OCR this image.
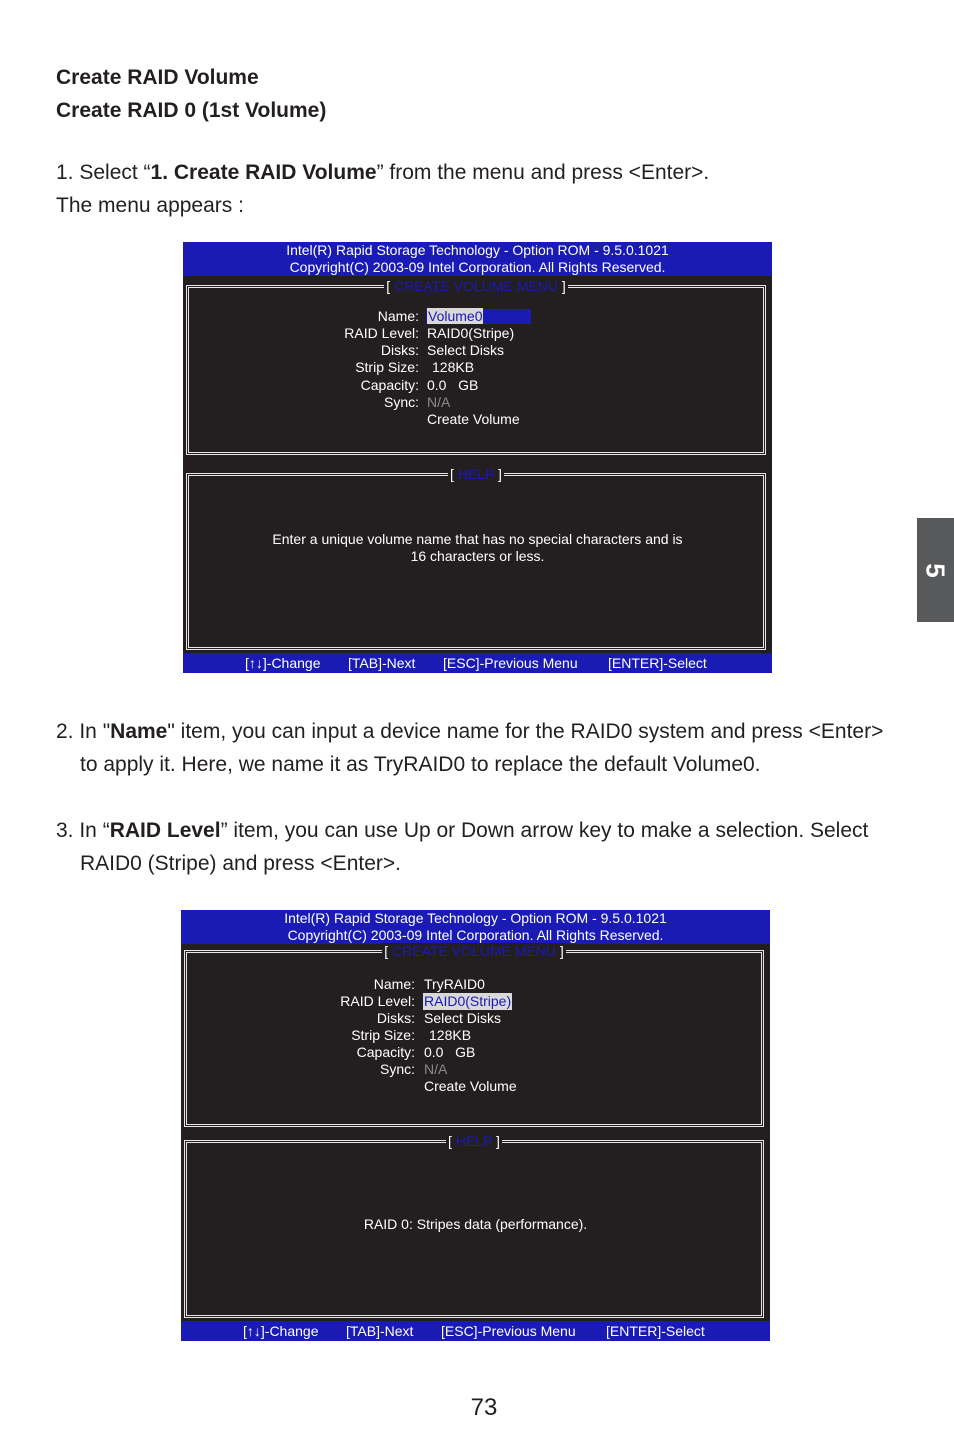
Create RAID Volume
Create RAID 0 (1st Volume)
1. Select “1. Create RAID Volume” from the menu and press <Enter>.
The menu appears :
Intel(R) Rapid Storage Technology - Option ROM - 9.5.0.1021
Copyright(C) 2003-09 Intel Corporation. All Rights Reserved.
[ CREATE VOLUME MENU ]
Name:
RAID Level:
Disks:
Strip Size:
Capacity:
Sync:
Volume0
RAID0(Stripe)
Select Disks
128KB
0.0   GB
N/A
Create Volume
[ HELP ]
Enter a unique volume name that has no special characters and is
16 characters or less.
[↑↓]-Change [TAB]-Next [ESC]-Previous Menu [ENTER]-Select
2. In "Name" item, you can input a device name for the RAID0 system and press <Enter>
to apply it. Here, we name it as TryRAID0 to replace the default Volume0.
3. In “RAID Level” item, you can use Up or Down arrow key to make a selection. Select
RAID0 (Stripe) and press <Enter>.
Intel(R) Rapid Storage Technology - Option ROM - 9.5.0.1021
Copyright(C) 2003-09 Intel Corporation. All Rights Reserved.
[ CREATE VOLUME MENU ]
Name:
RAID Level:
Disks:
Strip Size:
Capacity:
Sync:
TryRAID0
RAID0(Stripe)
Select Disks
128KB
0.0   GB
N/A
Create Volume
[ HELP ]
RAID 0: Stripes data (performance).
[↑↓]-Change [TAB]-Next [ESC]-Previous Menu [ENTER]-Select
5
73
